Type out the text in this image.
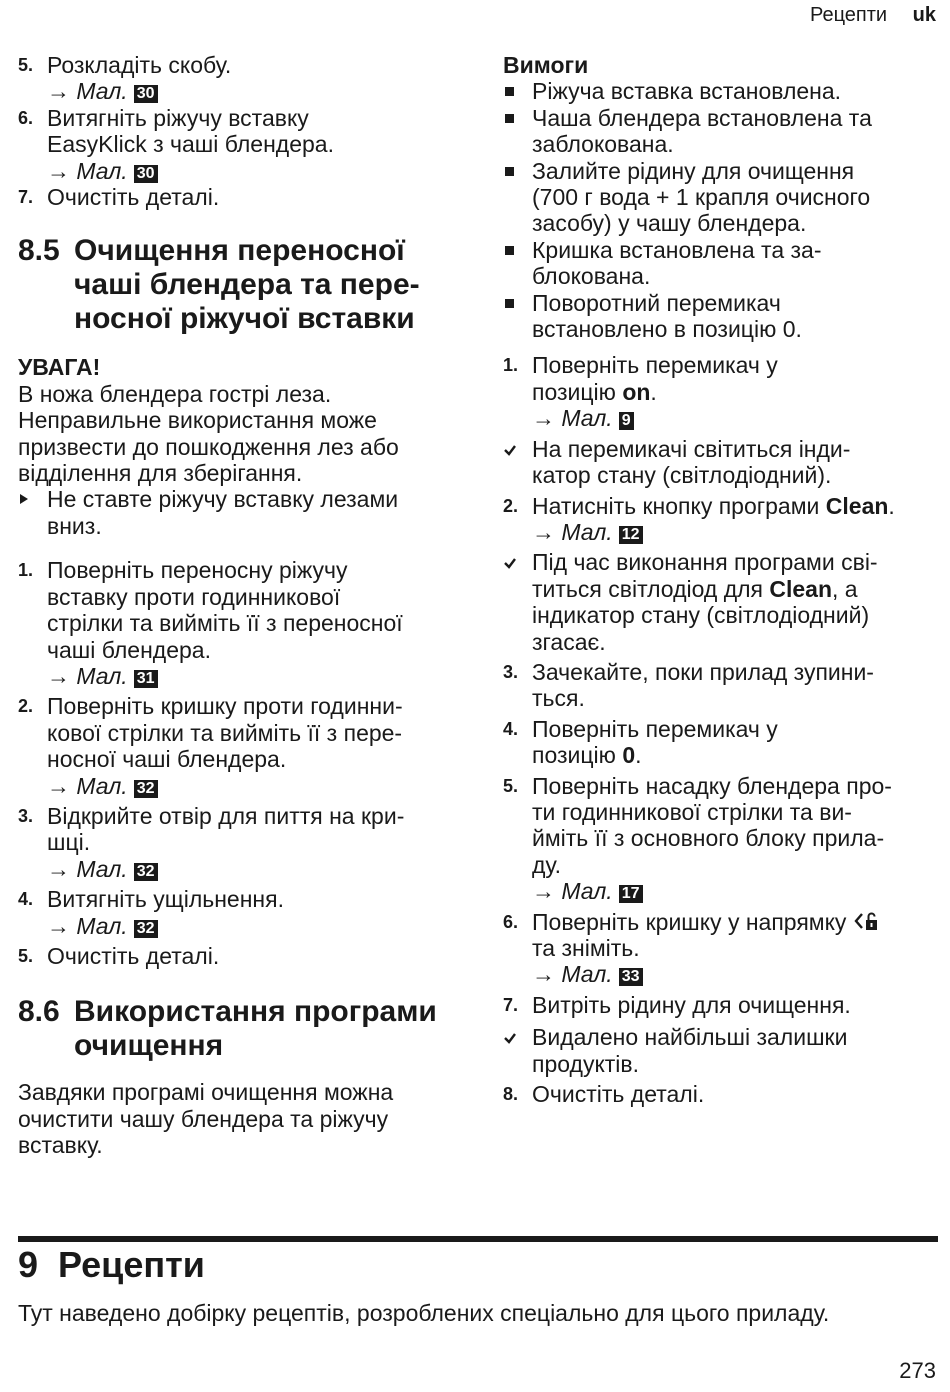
Рецепти uk
5. Розкладіть скобу.
→ Мал. 30
6. Витягніть ріжучу вставку
EasyKlick з чаші блендера.
→ Мал. 30
7. Очистіть деталі.
8.5 Очищення переносної
чаші блендера та пере-
носної ріжучої вставки
УВАГА!
В ножа блендера гострі леза.
Неправильне використання може
призвести до пошкодження лез або
відділення для зберігання.
Не ставте ріжучу вставку лезами
вниз.
1. Поверніть переносну ріжучу
вставку проти годинникової
стрілки та вийміть її з переносної
чаші блендера.
→ Мал. 31
2. Поверніть кришку проти годинни-
кової стрілки та вийміть її з пере-
носної чаші блендера.
→ Мал. 32
3. Відкрийте отвір для пиття на кри-
шці.
→ Мал. 32
4. Витягніть ущільнення.
→ Мал. 32
5. Очистіть деталі.
8.6 Використання програми
очищення
Завдяки програмі очищення можна
очистити чашу блендера та ріжучу
вставку.
Вимоги
Ріжуча вставка встановлена.
Чаша блендера встановлена та
заблокована.
Залийте рідину для очищення
(700 г вода + 1 крапля очисного
засобу) у чашу блендера.
Кришка встановлена та за-
блокована.
Поворотний перемикач
встановлено в позицію 0.
1. Поверніть перемикач у
позицію on.
→ Мал. 9
На перемикачі світиться інди-
катор стану (світлодіодний).
2. Натисніть кнопку програми Clean.
→ Мал. 12
Під час виконання програми сві-
титься світлодіод для Clean, а
індикатор стану (світлодіодний)
згасає.
3. Зачекайте, поки прилад зупини-
ться.
4. Поверніть перемикач у
позицію 0.
5. Поверніть насадку блендера про-
ти годинникової стрілки та ви-
йміть її з основного блоку прила-
ду.
→ Мал. 17
6. Поверніть кришку у напрямку
та зніміть.
→ Мал. 33
7. Витріть рідину для очищення.
Видалено найбільші залишки
продуктів.
8. Очистіть деталі.
9 Рецепти
Тут наведено добірку рецептів, розроблених спеціально для цього приладу.
273
